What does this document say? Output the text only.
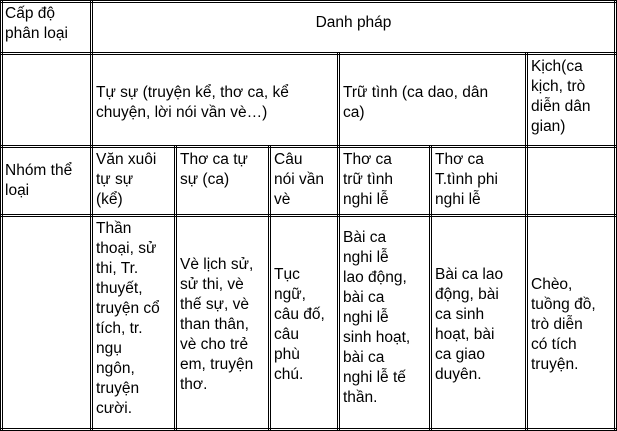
Cấp độ
phân loại
Danh pháp
Tự sự (truyện kể, thơ ca, kể
chuyện, lời nói vần vè…)
Trữ tình (ca dao, dân
ca)
Kịch(ca
kịch, trò
diễn dân
gian)
Nhóm thể
loại
Văn xuôi
tự sự
(kể)
Thơ ca tự
sự (ca)
Câu
nói vần
vè
Thơ ca
trữ tình
nghi lễ
Thơ ca
T.tình phi
nghi lễ
Thần
thoại, sử
thi, Tr.
thuyết,
truyện cổ
tích, tr.
ngụ
ngôn,
truyện
cười.
Vè lịch sử,
sử thi, vè
thế sự, vè
than thân,
vè cho trẻ
em, truyện
thơ.
Tục
ngữ,
câu đố,
câu
phù
chú.
Bài ca
nghi lễ
lao động,
bài ca
nghi lễ
sinh hoạt,
bài ca
nghi lễ tế
thần.
Bài ca lao
động, bài
ca sinh
hoạt, bài
ca giao
duyên.
Chèo,
tuồng đồ,
trò diễn
có tích
truyện.
